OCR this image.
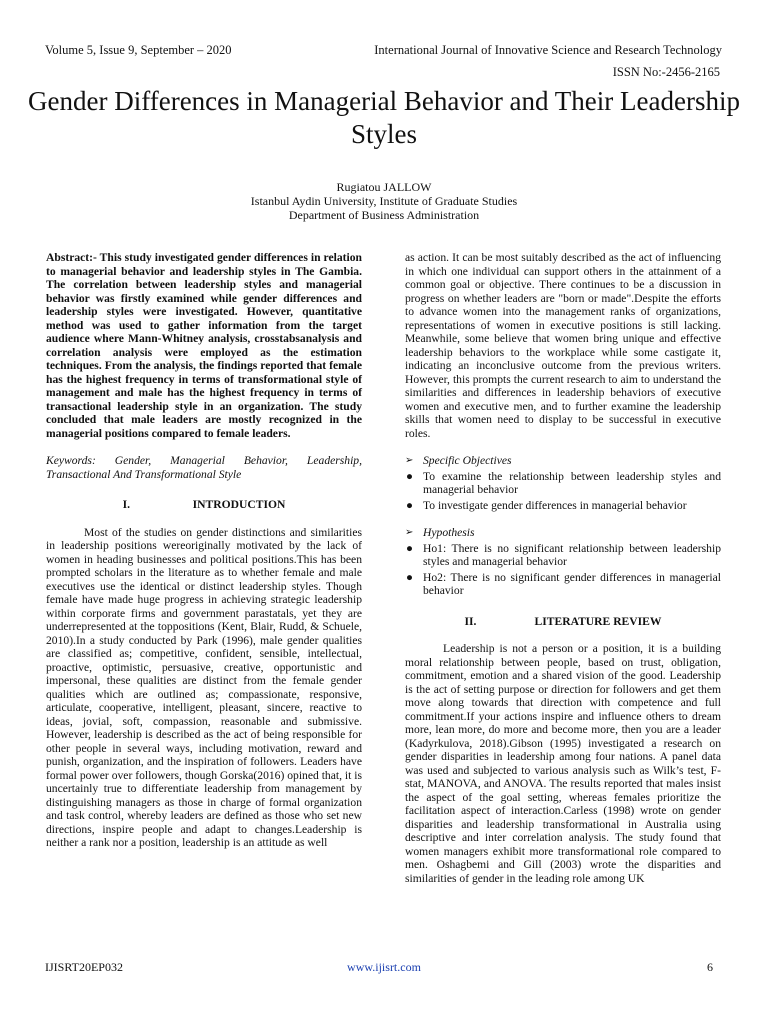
Volume 5, Issue 9, September – 2020	International Journal of Innovative Science and Research Technology
ISSN No:-2456-2165
Gender Differences in Managerial Behavior and Their Leadership Styles
Rugiatou JALLOW
Istanbul Aydin University, Institute of Graduate Studies
Department of Business Administration

Abstract:- This study investigated gender differences in relation to managerial behavior and leadership styles in The Gambia. The correlation between leadership styles and managerial behavior was firstly examined while gender differences and leadership styles were investigated. However, quantitative method was used to gather information from the target audience where Mann-Whitney analysis, crosstabsanalysis and correlation analysis were employed as the estimation techniques. From the analysis, the findings reported that female has the highest frequency in terms of transformational style of management and male has the highest frequency in terms of transactional leadership style in an organization. The study concluded that male leaders are mostly recognized in the managerial positions compared to female leaders.

Keywords: Gender, Managerial Behavior, Leadership, Transactional And Transformational Style

I.	INTRODUCTION

Most of the studies on gender distinctions and similarities in leadership positions wereoriginally motivated by the lack of women in heading businesses and political positions.This has been prompted scholars in the literature as to whether female and male executives use the identical or distinct leadership styles. Though female have made huge progress in achieving strategic leadership within corporate firms and government parastatals, yet they are underrepresented at the toppositions (Kent, Blair, Rudd, & Schuele, 2010).In a study conducted by Park (1996), male gender qualities are classified as; competitive, confident, sensible, intellectual, proactive, optimistic, persuasive, creative, opportunistic and impersonal, these qualities are distinct from the female gender qualities which are outlined as; compassionate, responsive, articulate, cooperative, intelligent, pleasant, sincere, reactive to ideas, jovial, soft, compassion, reasonable and submissive. However, leadership is described as the act of being responsible for other people in several ways, including motivation, reward and punish, organization, and the inspiration of followers. Leaders have formal power over followers, though Gorska(2016) opined that, it is uncertainly true to differentiate leadership from management by distinguishing managers as those in charge of formal organization and task control, whereby leaders are defined as those who set new directions, inspire people and adapt to changes.Leadership is neither a rank nor a position, leadership is an attitude as well

as action. It can be most suitably described as the act of influencing in which one individual can support others in the attainment of a common goal or objective. There continues to be a discussion in progress on whether leaders are "born or made".Despite the efforts to advance women into the management ranks of organizations, representations of women in executive positions is still lacking. Meanwhile, some believe that women bring unique and effective leadership behaviors to the workplace while some castigate it, indicating an inconclusive outcome from the previous writers. However, this prompts the current research to aim to understand the similarities and differences in leadership behaviors of executive women and executive men, and to further examine the leadership skills that women need to display to be successful in executive roles.

➢ Specific Objectives
● To examine the relationship between leadership styles and managerial behavior
● To investigate gender differences in managerial behavior
➢ Hypothesis
● Ho1: There is no significant relationship between leadership styles and managerial behavior
● Ho2: There is no significant gender differences in managerial behavior
II.	LITERATURE REVIEW

Leadership is not a person or a position, it is a building moral relationship between people, based on trust, obligation, commitment, emotion and a shared vision of the good. Leadership is the act of setting purpose or direction for followers and get them move along towards that direction with competence and full commitment.If your actions inspire and influence others to dream more, lean more, do more and become more, then you are a leader (Kadyrkulova, 2018).Gibson (1995) investigated a research on gender disparities in leadership among four nations. A panel data was used and subjected to various analysis such as Wilk’s test, F-stat, MANOVA, and ANOVA. The results reported that males insist the aspect of the goal setting, whereas females prioritize the facilitation aspect of interaction.Carless (1998) wrote on gender disparities and leadership transformational in Australia using descriptive and inter correlation analysis. The study found that women managers exhibit more transformational role compared to men. Oshagbemi and Gill (2003) wrote the disparities and similarities of gender in the leading role among UK

IJISRT20EP032	www.ijisrt.com	6
